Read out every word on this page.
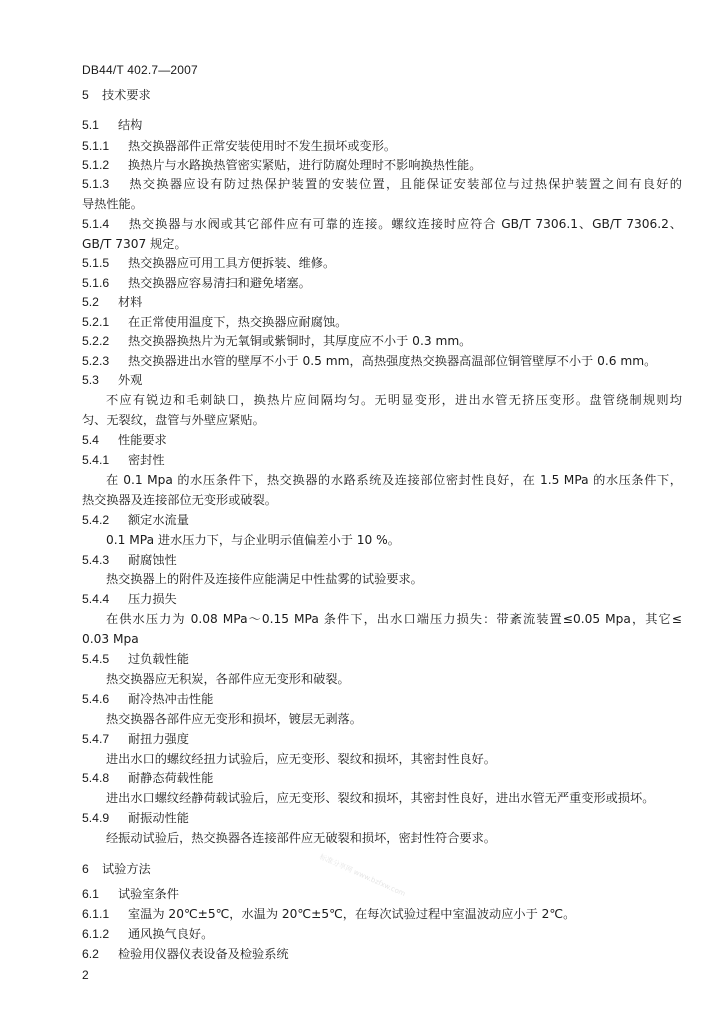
DB44/T 402.7—2007
5 技术要求
5.1 结构
5.1.1 热交换器部件正常安装使用时不发生损坏或变形。
5.1.2 换热片与水路换热管密实紧贴，进行防腐处理时不影响换热性能。
5.1.3 热交换器应设有防过热保护装置的安装位置，且能保证安装部位与过热保护装置之间有良好的
导热性能。
5.1.4 热交换器与水阀或其它部件应有可靠的连接。螺纹连接时应符合 GB/T 7306.1、GB/T 7306.2、
GB/T 7307 规定。
5.1.5 热交换器应可用工具方便拆装、维修。
5.1.6 热交换器应容易清扫和避免堵塞。
5.2 材料
5.2.1 在正常使用温度下，热交换器应耐腐蚀。
5.2.2 热交换器换热片为无氧铜或紫铜时，其厚度应不小于 0.3 mm。
5.2.3 热交换器进出水管的壁厚不小于 0.5 mm，高热强度热交换器高温部位铜管壁厚不小于 0.6 mm。
5.3 外观
不应有锐边和毛刺缺口，换热片应间隔均匀。无明显变形，进出水管无挤压变形。盘管绕制规则均
匀、无裂纹，盘管与外壁应紧贴。
5.4 性能要求
5.4.1 密封性
在 0.1 Mpa 的水压条件下，热交换器的水路系统及连接部位密封性良好，在 1.5 MPa 的水压条件下，
热交换器及连接部位无变形或破裂。
5.4.2 额定水流量
0.1 MPa 进水压力下，与企业明示值偏差小于 10 %。
5.4.3 耐腐蚀性
热交换器上的附件及连接件应能满足中性盐雾的试验要求。
5.4.4 压力损失
在供水压力为 0.08 MPa～0.15 MPa 条件下，出水口端压力损失：带紊流装置≤0.05 Mpa，其它≤
0.03 Mpa
5.4.5 过负载性能
热交换器应无积炭，各部件应无变形和破裂。
5.4.6 耐冷热冲击性能
热交换器各部件应无变形和损坏，镀层无剥落。
5.4.7 耐扭力强度
进出水口的螺纹经扭力试验后，应无变形、裂纹和损坏，其密封性良好。
5.4.8 耐静态荷载性能
进出水口螺纹经静荷载试验后，应无变形、裂纹和损坏，其密封性良好，进出水管无严重变形或损坏。
5.4.9 耐振动性能
经振动试验后，热交换器各连接部件应无破裂和损坏，密封性符合要求。
6 试验方法
6.1 试验室条件
6.1.1 室温为 20℃±5℃，水温为 20℃±5℃，在每次试验过程中室温波动应小于 2℃。
6.1.2 通风换气良好。
6.2 检验用仪器仪表设备及检验系统
标准分享网 www.bzfxw.com
2
